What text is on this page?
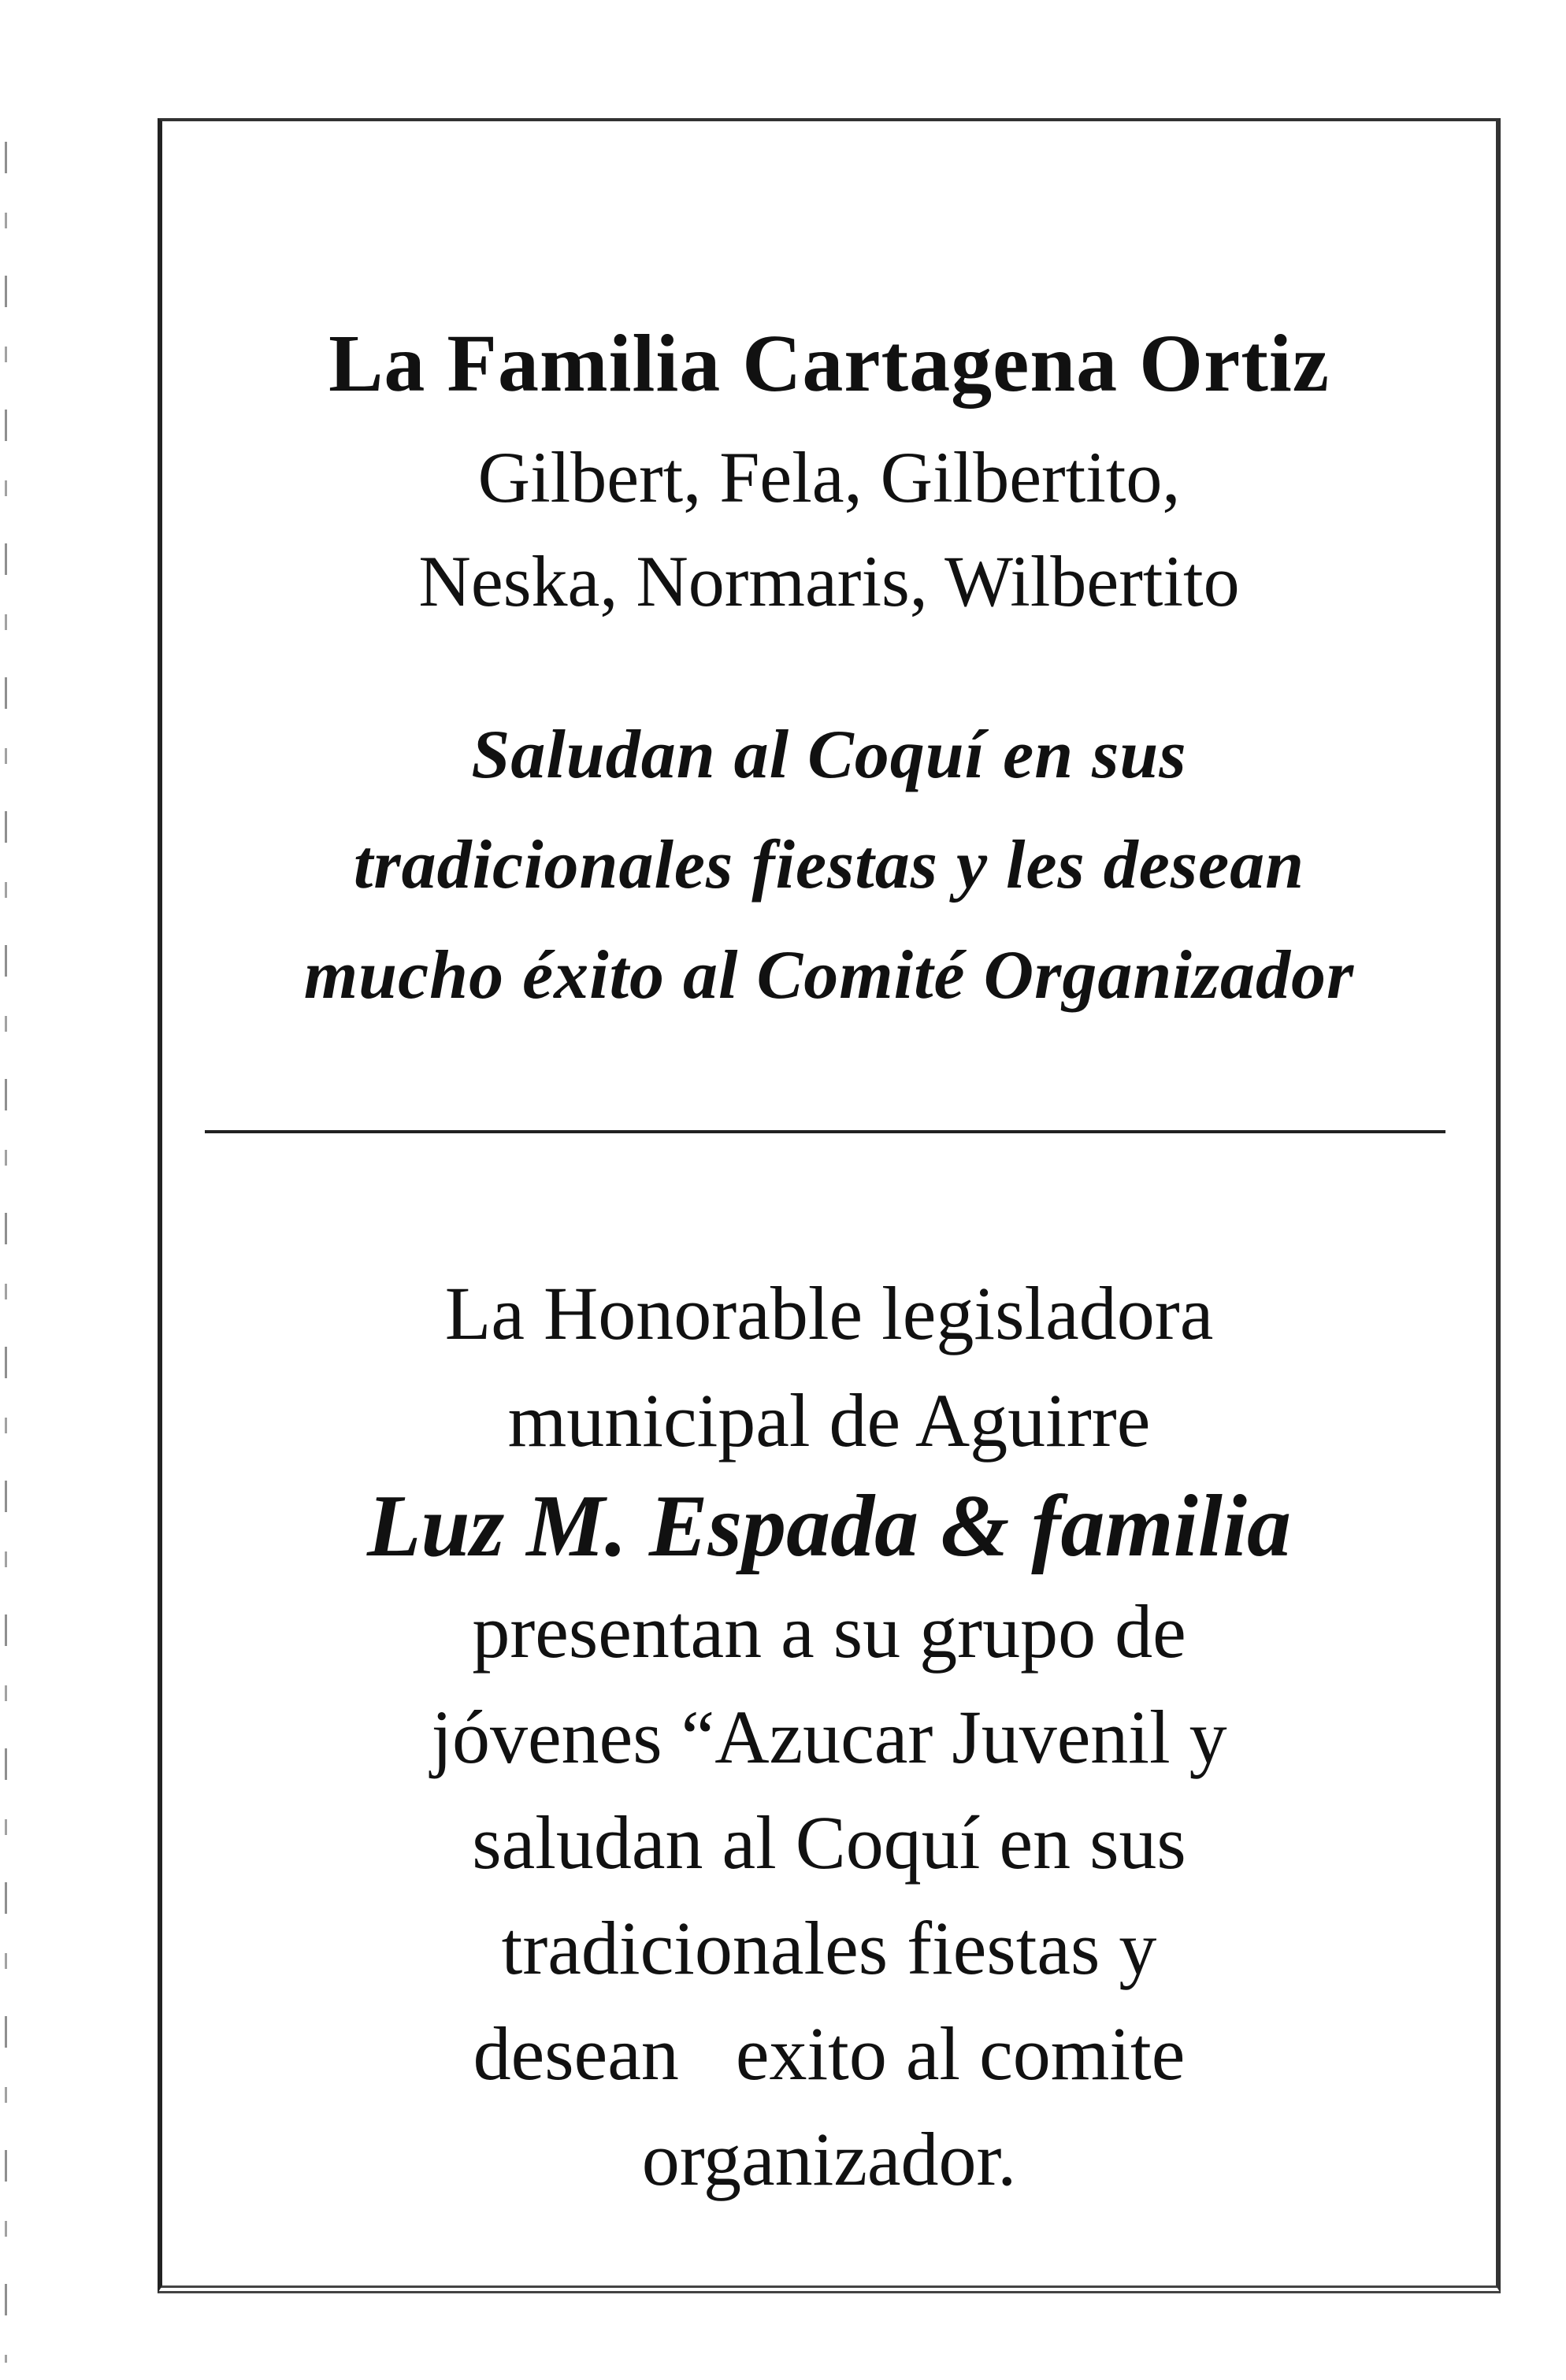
La Familia Cartagena Ortiz
Gilbert, Fela, Gilbertito,
Neska, Normaris, Wilbertito
Saludan al Coquí en sus
tradicionales fiestas y les desean
mucho éxito al Comité Organizador
La Honorable legisladora
municipal de Aguirre
Luz M. Espada & familia
presentan a su grupo de
jóvenes “Azucar Juvenil y
saludan al Coquí en sus
tradicionales fiestas y
desean   exito al comite
organizador.
